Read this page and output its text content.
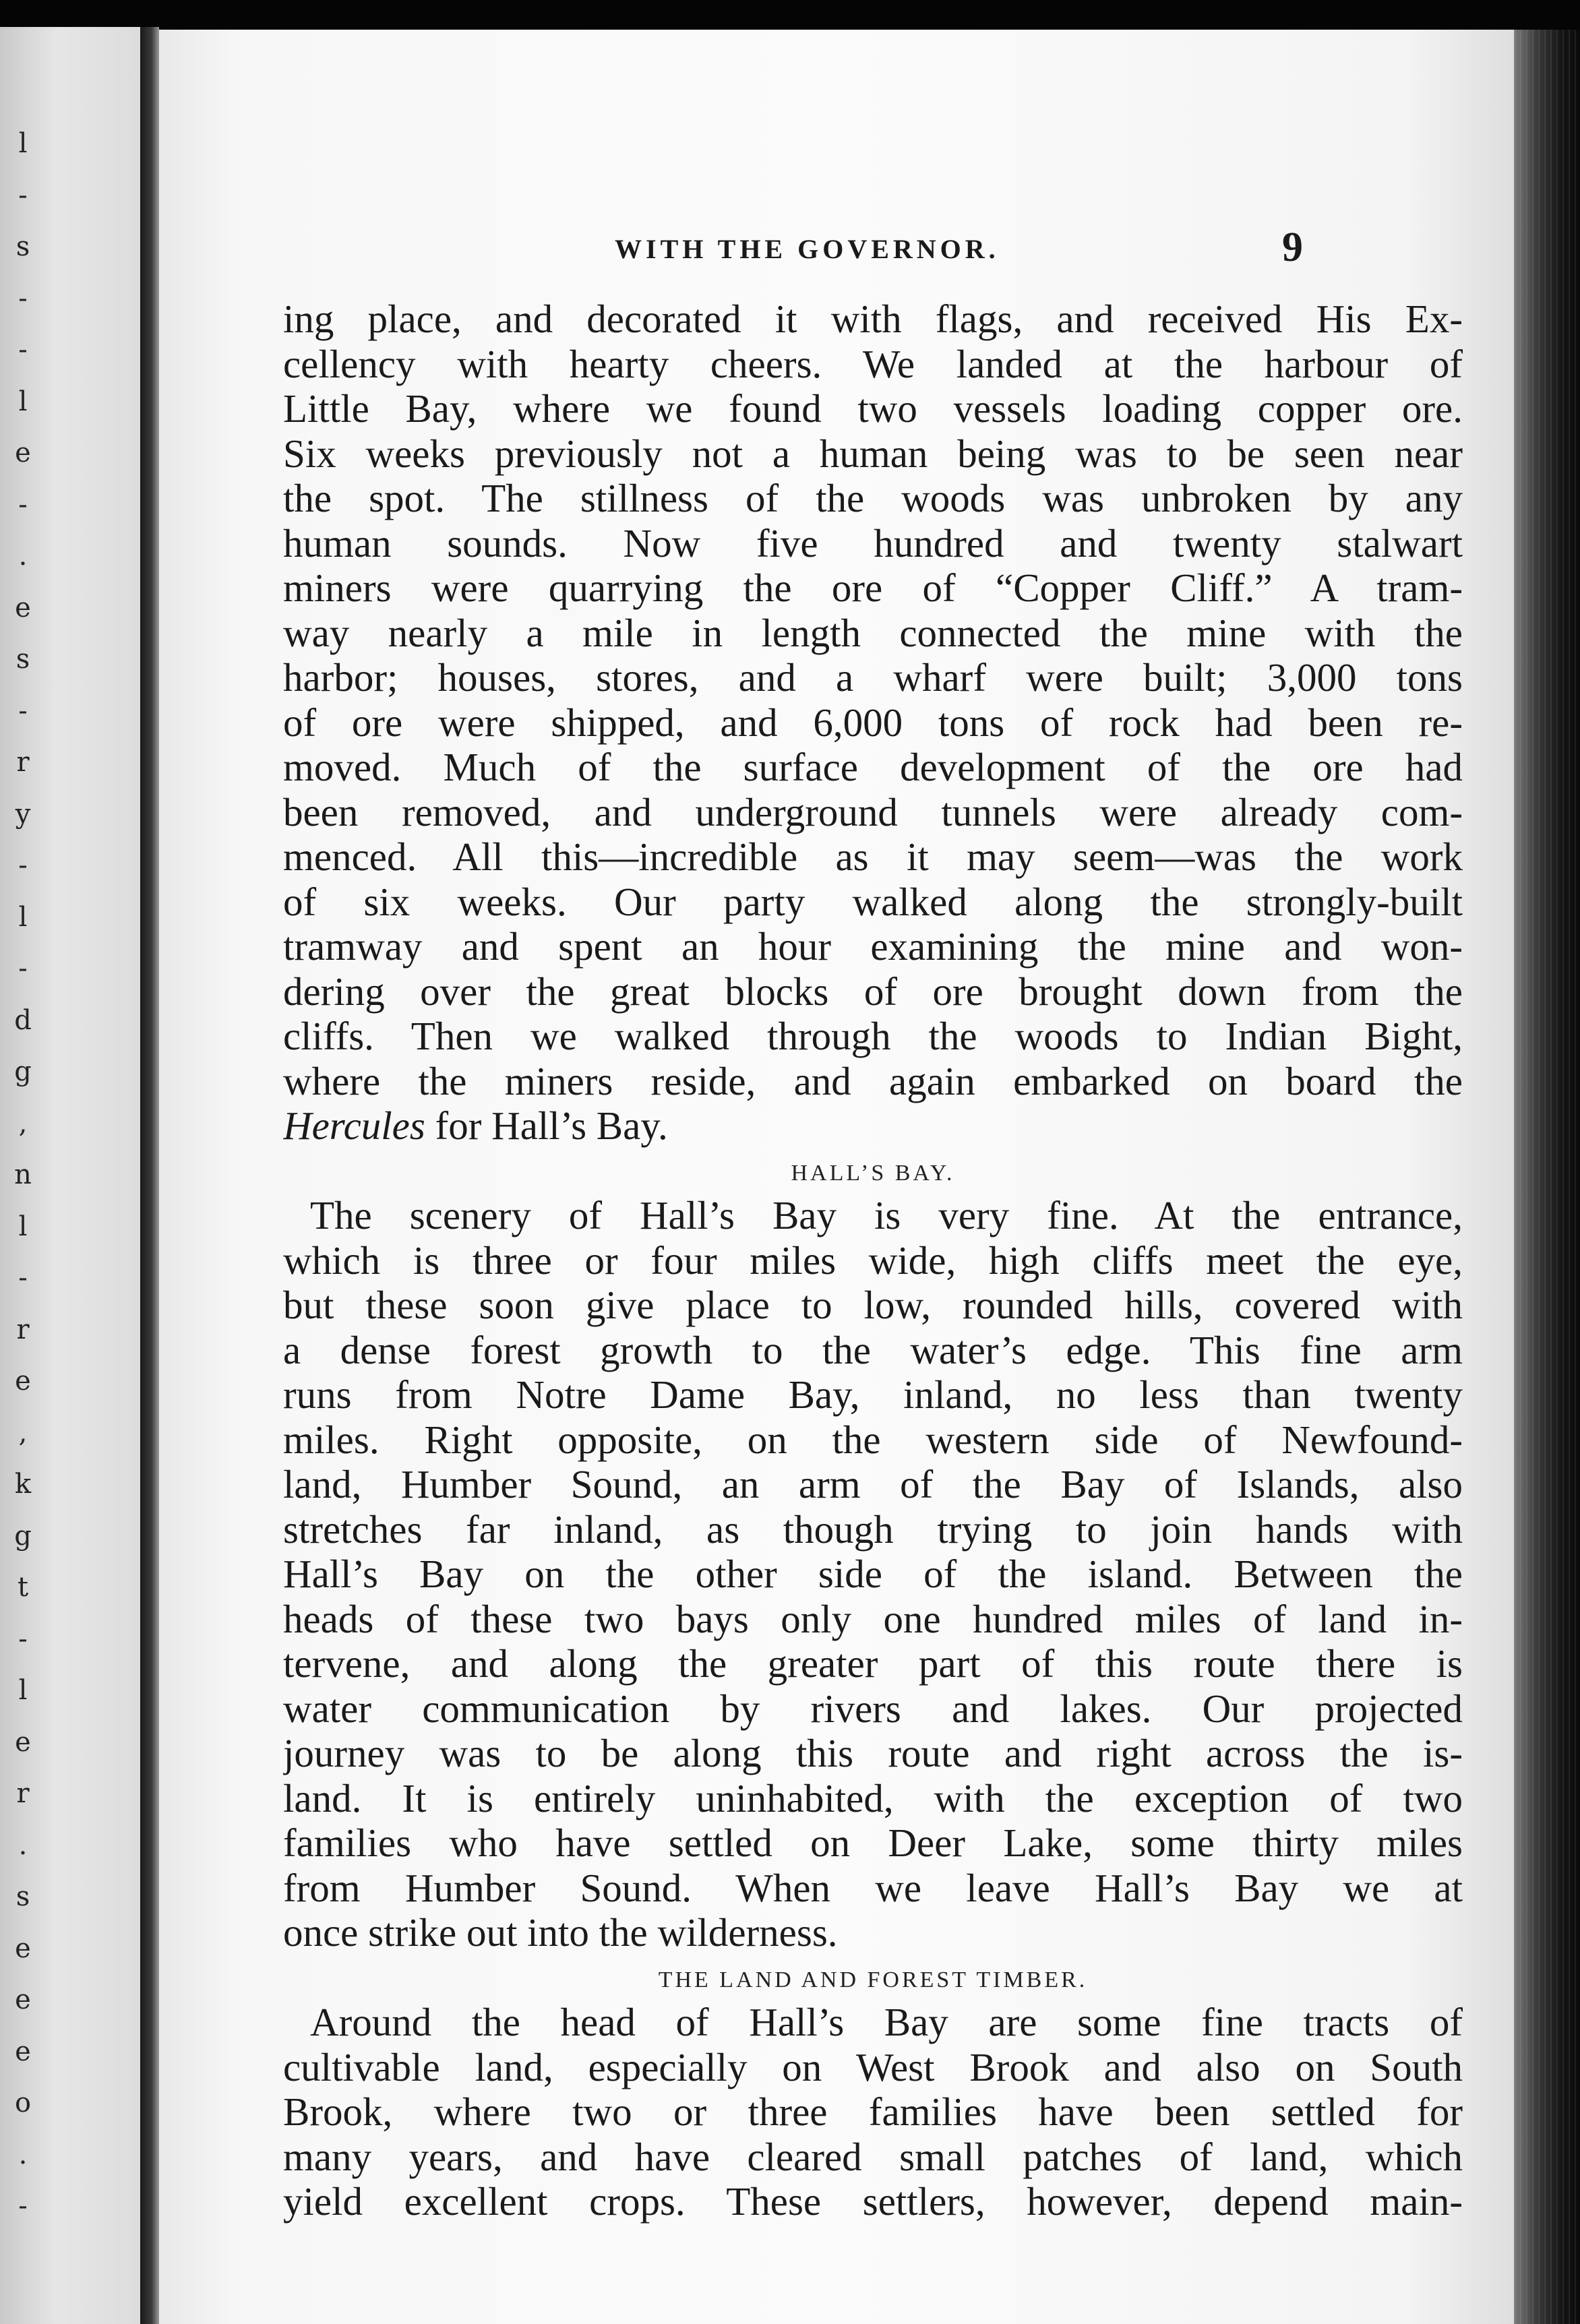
l
-
s
-
-
l
e
-
.
e
s
-
r
y
-
l
-
d
g
,
n
l
-
r
e
,
k
g
t
-
l
e
r
.
s
e
e
e
o
.
-
WITH THE GOVERNOR.	9
ing place, and decorated it with flags, and received His Ex-
cellency with hearty cheers. We landed at the harbour of
Little Bay, where we found two vessels loading copper ore.
Six weeks previously not a human being was to be seen near
the spot. The stillness of the woods was unbroken by any
human sounds. Now five hundred and twenty stalwart
miners were quarrying the ore of “Copper Cliff.” A tram-
way nearly a mile in length connected the mine with the
harbor; houses, stores, and a wharf were built; 3,000 tons
of ore were shipped, and 6,000 tons of rock had been re-
moved. Much of the surface development of the ore had
been removed, and underground tunnels were already com-
menced. All this—incredible as it may seem—was the work
of six weeks. Our party walked along the strongly-built
tramway and spent an hour examining the mine and won-
dering over the great blocks of ore brought down from the
cliffs. Then we walked through the woods to Indian Bight,
where the miners reside, and again embarked on board the
Hercules for Hall’s Bay.
HALL’S BAY.
The scenery of Hall’s Bay is very fine. At the entrance,
which is three or four miles wide, high cliffs meet the eye,
but these soon give place to low, rounded hills, covered with
a dense forest growth to the water’s edge. This fine arm
runs from Notre Dame Bay, inland, no less than twenty
miles. Right opposite, on the western side of Newfound-
land, Humber Sound, an arm of the Bay of Islands, also
stretches far inland, as though trying to join hands with
Hall’s Bay on the other side of the island. Between the
heads of these two bays only one hundred miles of land in-
tervene, and along the greater part of this route there is
water communication by rivers and lakes. Our projected
journey was to be along this route and right across the is-
land. It is entirely uninhabited, with the exception of two
families who have settled on Deer Lake, some thirty miles
from Humber Sound. When we leave Hall’s Bay we at
once strike out into the wilderness.
THE LAND AND FOREST TIMBER.
Around the head of Hall’s Bay are some fine tracts of
cultivable land, especially on West Brook and also on South
Brook, where two or three families have been settled for
many years, and have cleared small patches of land, which
yield excellent crops. These settlers, however, depend main-
